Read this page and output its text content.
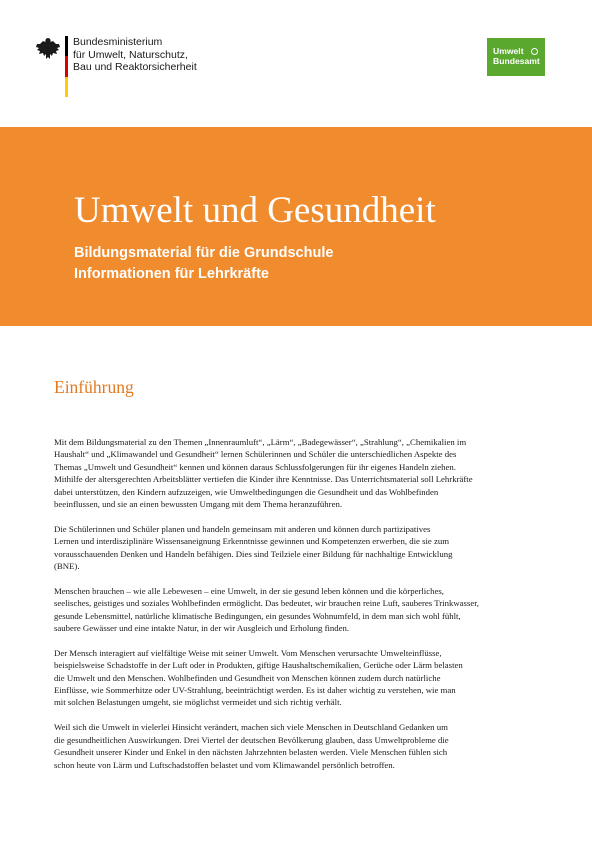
Bundesministerium
für Umwelt, Naturschutz,
Bau und Reaktorsicherheit
Umwelt
Bundesamt
Umwelt und Gesundheit
Bildungsmaterial für die Grundschule
Informationen für Lehrkräfte
Einführung

Mit dem Bildungsmaterial zu den Themen „Innenraumluft“, „Lärm“, „Badegewässer“, „Strahlung“, „Chemikalien im
Haushalt“ und „Klimawandel und Gesundheit“ lernen Schülerinnen und Schüler die unterschiedlichen Aspekte des
Themas „Umwelt und Gesundheit“ kennen und können daraus Schlussfolgerungen für ihr eigenes Handeln ziehen.
Mithilfe der altersgerechten Arbeitsblätter vertiefen die Kinder ihre Kenntnisse. Das Unterrichtsmaterial soll Lehrkräfte
dabei unterstützen, den Kindern aufzuzeigen, wie Umweltbedingungen die Gesundheit und das Wohlbefinden
beeinflussen, und sie an einen bewussten Umgang mit dem Thema heranzuführen.

Die Schülerinnen und Schüler planen und handeln gemeinsam mit anderen und können durch partizipatives
Lernen und interdisziplinäre Wissensaneignung Erkenntnisse gewinnen und Kompetenzen erwerben, die sie zum
vorausschauenden Denken und Handeln befähigen. Dies sind Teilziele einer Bildung für nachhaltige Entwicklung
(BNE).

Menschen brauchen – wie alle Lebewesen – eine Umwelt, in der sie gesund leben können und die körperliches,
seelisches, geistiges und soziales Wohlbefinden ermöglicht. Das bedeutet, wir brauchen reine Luft, sauberes Trinkwasser,
gesunde Lebensmittel, natürliche klimatische Bedingungen, ein gesundes Wohnumfeld, in dem man sich wohl fühlt,
saubere Gewässer und eine intakte Natur, in der wir Ausgleich und Erholung finden.

Der Mensch interagiert auf vielfältige Weise mit seiner Umwelt. Vom Menschen verursachte Umwelteinflüsse,
beispielsweise Schadstoffe in der Luft oder in Produkten, giftige Haushaltschemikalien, Gerüche oder Lärm belasten
die Umwelt und den Menschen. Wohlbefinden und Gesundheit von Menschen können zudem durch natürliche
Einflüsse, wie Sommerhitze oder UV-Strahlung, beeinträchtigt werden. Es ist daher wichtig zu verstehen, wie man
mit solchen Belastungen umgeht, sie möglichst vermeidet und sich richtig verhält.

Weil sich die Umwelt in vielerlei Hinsicht verändert, machen sich viele Menschen in Deutschland Gedanken um
die gesundheitlichen Auswirkungen. Drei Viertel der deutschen Bevölkerung glauben, dass Umweltprobleme die
Gesundheit unserer Kinder und Enkel in den nächsten Jahrzehnten belasten werden. Viele Menschen fühlen sich
schon heute von Lärm und Luftschadstoffen belastet und vom Klimawandel persönlich betroffen.
